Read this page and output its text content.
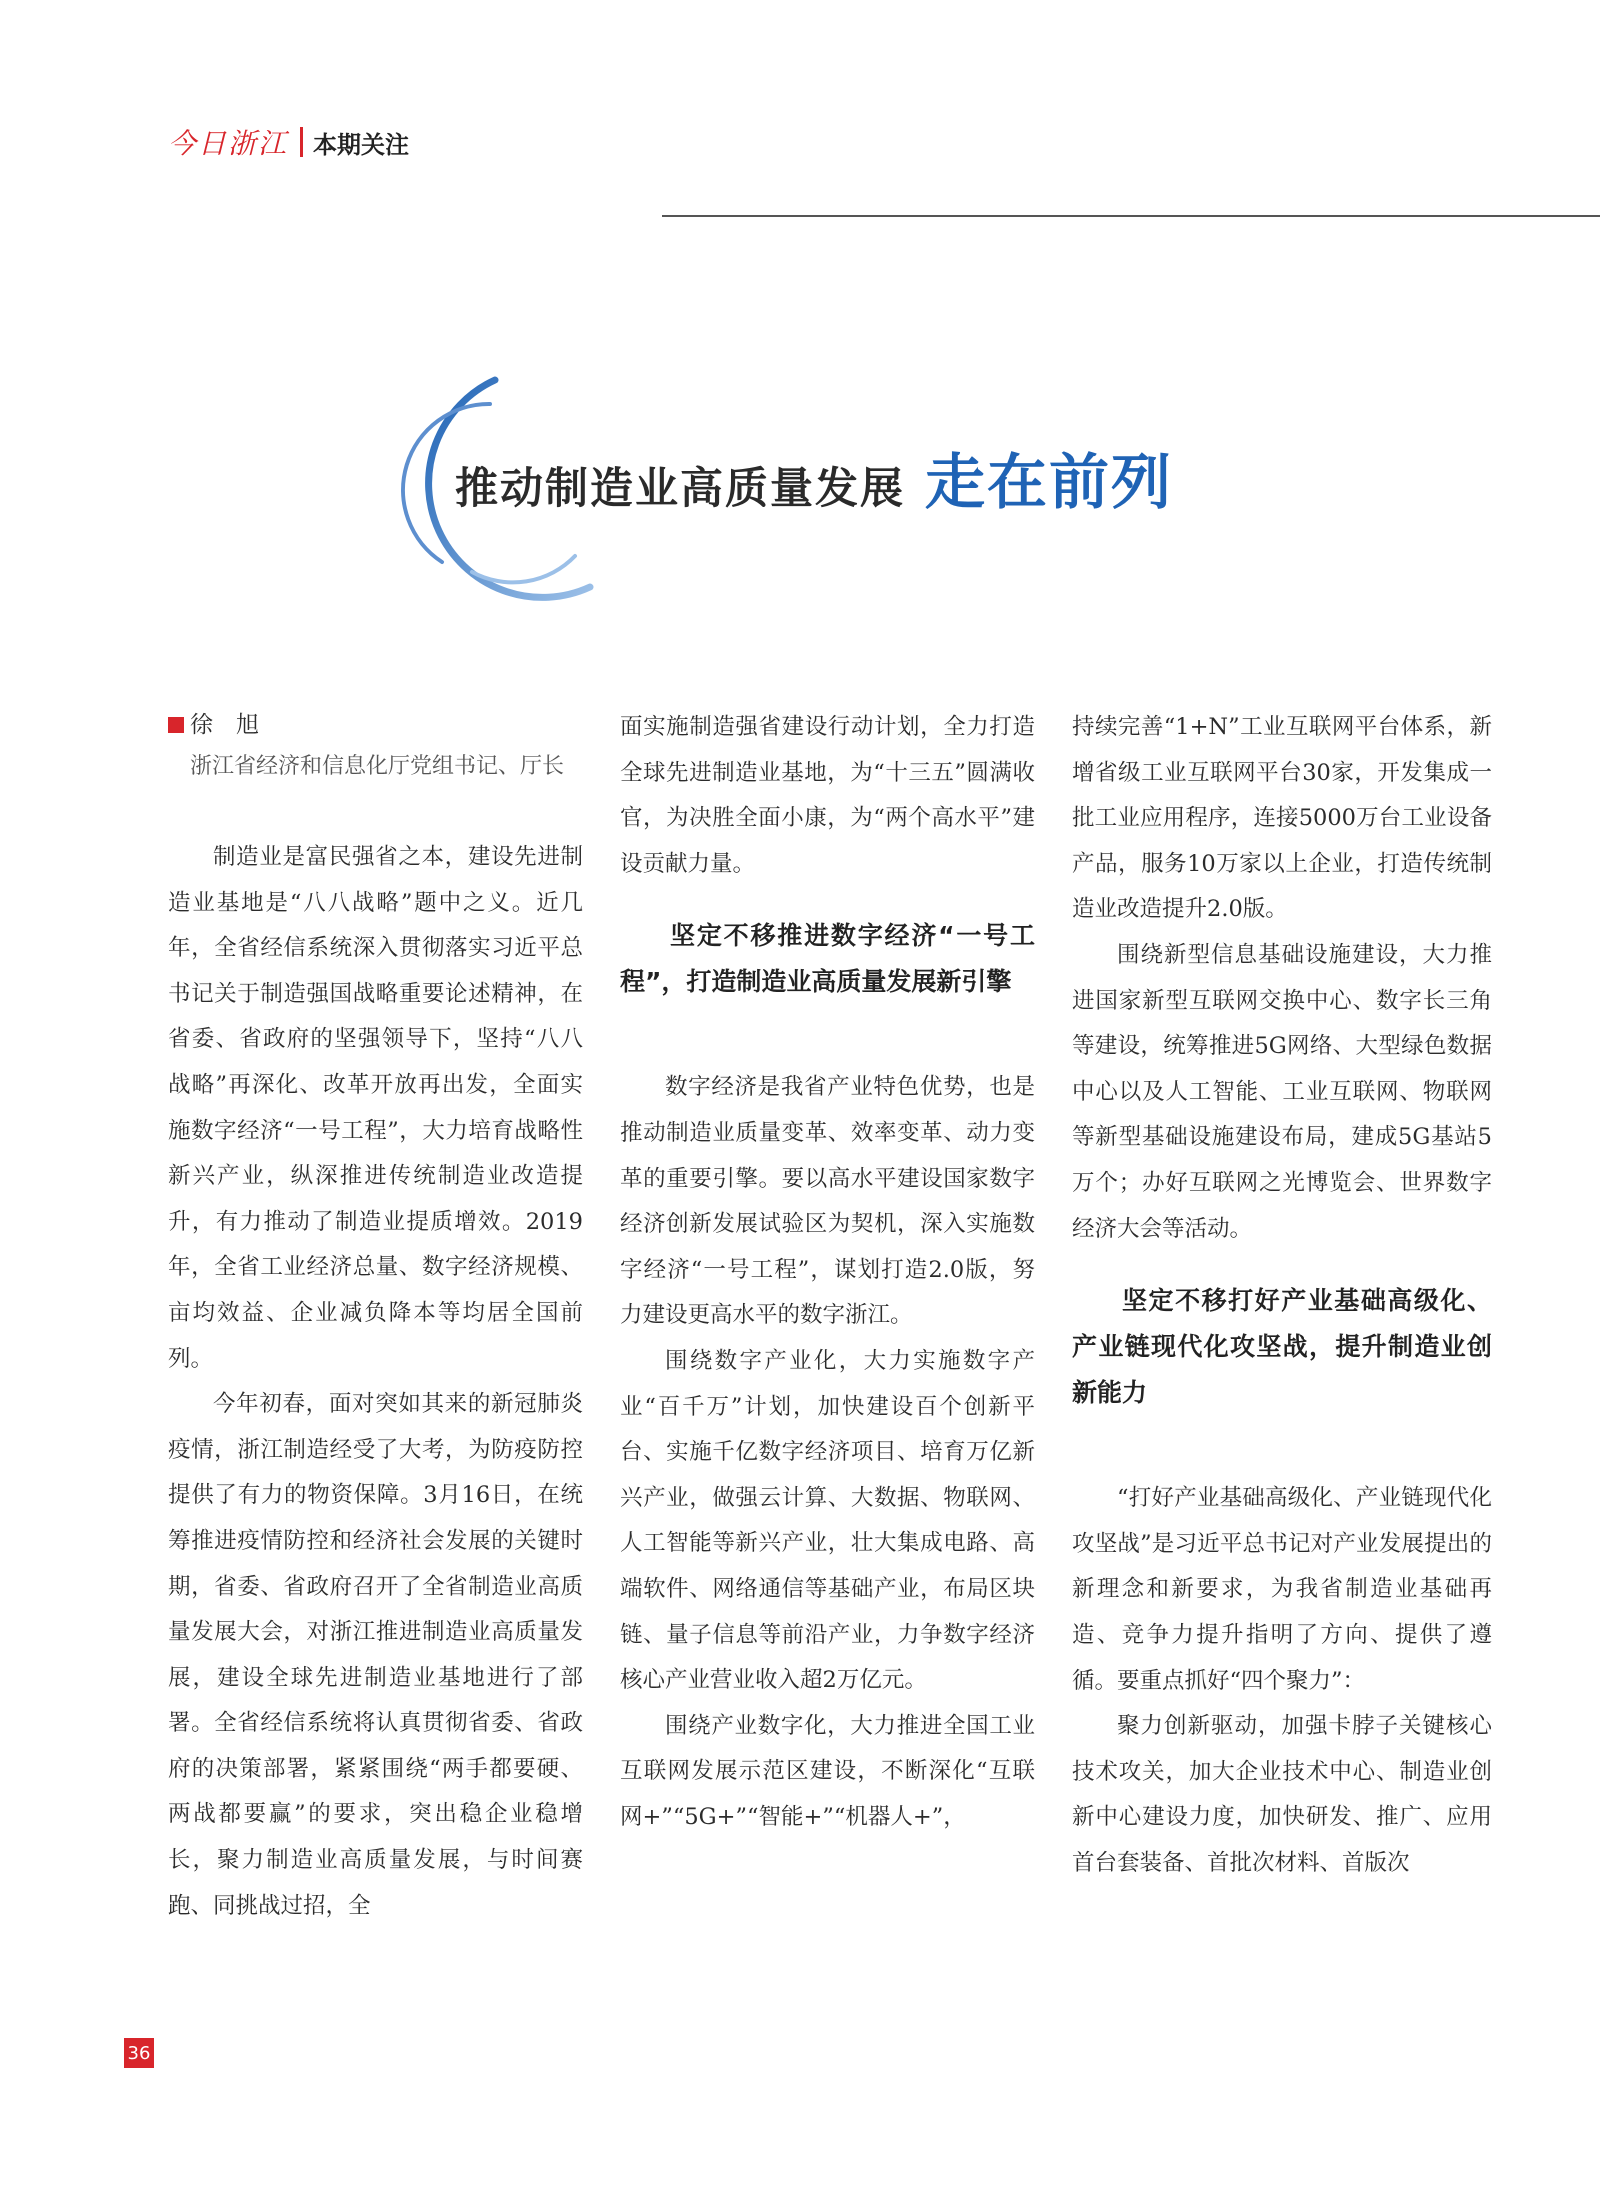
今日浙江 本期关注
推动制造业高质量发展 走在前列
徐　旭
浙江省经济和信息化厅党组书记、厅长

制造业是富民强省之本，建设先进制造业基地是“八八战略”题中之义。近几年，全省经信系统深入贯彻落实习近平总书记关于制造强国战略重要论述精神，在省委、省政府的坚强领导下，坚持“八八战略”再深化、改革开放再出发，全面实施数字经济“一号工程”，大力培育战略性新兴产业，纵深推进传统制造业改造提升，有力推动了制造业提质增效。2019年，全省工业经济总量、数字经济规模、亩均效益、企业减负降本等均居全国前列。

今年初春，面对突如其来的新冠肺炎疫情，浙江制造经受了大考，为防疫防控提供了有力的物资保障。3月16日，在统筹推进疫情防控和经济社会发展的关键时期，省委、省政府召开了全省制造业高质量发展大会，对浙江推进制造业高质量发展，建设全球先进制造业基地进行了部署。全省经信系统将认真贯彻省委、省政府的决策部署，紧紧围绕“两手都要硬、两战都要赢”的要求，突出稳企业稳增长，聚力制造业高质量发展，与时间赛跑、同挑战过招，全

面实施制造强省建设行动计划，全力打造全球先进制造业基地，为“十三五”圆满收官，为决胜全面小康，为“两个高水平”建设贡献力量。

坚定不移推进数字经济“一号工程”，打造制造业高质量发展新引擎

数字经济是我省产业特色优势，也是推动制造业质量变革、效率变革、动力变革的重要引擎。要以高水平建设国家数字经济创新发展试验区为契机，深入实施数字经济“一号工程”，谋划打造2.0版，努力建设更高水平的数字浙江。

围绕数字产业化，大力实施数字产业“百千万”计划，加快建设百个创新平台、实施千亿数字经济项目、培育万亿新兴产业，做强云计算、大数据、物联网、人工智能等新兴产业，壮大集成电路、高端软件、网络通信等基础产业，布局区块链、量子信息等前沿产业，力争数字经济核心产业营业收入超2万亿元。

围绕产业数字化，大力推进全国工业互联网发展示范区建设，不断深化“互联网+”“5G+”“智能+”“机器人+”，

持续完善“1+N”工业互联网平台体系，新增省级工业互联网平台30家，开发集成一批工业应用程序，连接5000万台工业设备产品，服务10万家以上企业，打造传统制造业改造提升2.0版。

围绕新型信息基础设施建设，大力推进国家新型互联网交换中心、数字长三角等建设，统筹推进5G网络、大型绿色数据中心以及人工智能、工业互联网、物联网等新型基础设施建设布局，建成5G基站5万个；办好互联网之光博览会、世界数字经济大会等活动。

坚定不移打好产业基础高级化、产业链现代化攻坚战，提升制造业创新能力

“打好产业基础高级化、产业链现代化攻坚战”是习近平总书记对产业发展提出的新理念和新要求，为我省制造业基础再造、竞争力提升指明了方向、提供了遵循。要重点抓好“四个聚力”：

聚力创新驱动，加强卡脖子关键核心技术攻关，加大企业技术中心、制造业创新中心建设力度，加快研发、推广、应用首台套装备、首批次材料、首版次

36
